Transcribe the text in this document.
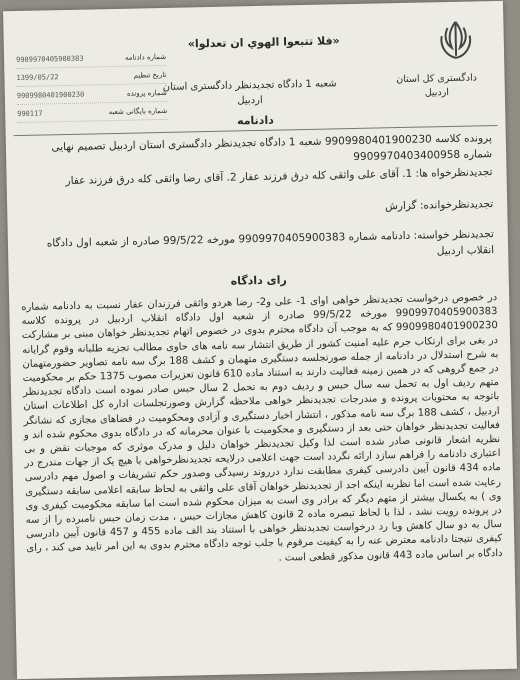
دادگستری کل استان
اردبیل
«فلا تتبعوا الهوي ان تعدلوا»
شعبه 1 دادگاه تجدیدنظر دادگستری استان
اردبیل
دادنامه
شماره دادنامه
9909970405900383
تاریخ تنظیم
1399/05/22
شماره پرونده
9909980401900230
شماره بایگانی شعبه
990117
پرونده کلاسه 9909980401900230 شعبه 1 دادگاه تجدیدنظر دادگستری استان اردبیل تصمیم نهایی شماره 9909970403400958
تجدیدنظرخواه ها: 1. آقای علی واثقی کله درق فرزند عفار 2. آقای رضا واثقی کله درق فرزند عفار
تجدیدنظرخوانده: گزارش
تجدیدنظر خواسته: دادنامه شماره 9909970405900383 مورخه 99/5/22 صادره از شعبه اول دادگاه انقلاب اردبیل
رای دادگاه
در خصوص درخواست تجدیدنظر خواهی اوای 1- علی و2- رضا هردو واثقی فرزندان عفار نسبت به دادنامه شماره 9909970405900383 مورخه 99/5/22 صادره از شعبه اول دادگاه انقلاب اردبیل در پرونده کلاسه 9909980401900230 که به موجب آن دادگاه محترم بدوی در خصوص اتهام تجدیدنظر خواهان مبنی بر مشارکت در بغی برای ارتکاب جرم علیه امنیت کشور از طریق انتشار سه نامه های حاوی مطالب تجزیه طلبانه وقوم گرایانه به شرح استدلال در دادنامه از جمله صورتجلسه دستگیری متهمان و کشف 188 برگ سه نامه تصاویر حضورمتهمان در جمع گروهی که در همین زمینه فعالیت دارند به استناد ماده 610 قانون تعزیرات مصوب 1375 حکم بر محکومیت متهم ردیف اول به تحمل سه سال حبس و ردیف دوم به تحمل 2 سال حبس صادر نموده است دادگاه تجدیدنظر باتوجه به محتویات پرونده و مندرجات تجدیدنظر خواهی ملاحظه گزارش وصورتجلسات اداره کل اطلاعات استان اردبیل ، کشف 188 برگ سه نامه مذکور ، انتشار اخبار دستگیری و آزادی ومحکومیت در فضاهای مجازی که نشانگر فعالیت تجدیدنظر خواهان حتی بعد از دستگیری و محکومیت با عنوان محرمانه که در دادگاه بدوی محکوم شده اند و نظریه اشعار قانونی صادر شده است لذا وکیل تجدیدنظر خواهان دلیل و مدرک موثری که موجبات نقض و بی اعتباری دادنامه را فراهم سازد ارائه نگردد است جهت اعلامی درلایحه تجدیدنظرخواهی با هیچ یک از جهات مندرج در ماده 434 قانون آیین دادرسی کیفری مطابقت ندارد درروند رسیدگی وصدور حکم تشریفات و اصول مهم دادرسی رعایت شده است اما نظربه اینکه اجد از تجدیدنظر خواهان آقای علی واثقی به لحاظ سابقه اعلامی سابقه دستگیری وی ) به یکسال بیشتر از متهم دیگر که برادر وی است به میزان محکوم شده است اما سابقه محکومیت کیفری وی در پرونده رویت نشد ، لذا با لحاظ تبصره ماده 2 قانون کاهش مجازات حبس ، مدت زمان حبس نامبرده را از سه سال به دو سال کاهش وبا رد درخواست تجدیدنظر خواهی با استناد بند الف ماده 455 و 457 قانون آیین دادرسی کیفری نتیجتا دادنامه معترض عنه را به کیفیت مرقوم با جلب توجه دادگاه محترم بدوی به این امر تایید می کند ، رای دادگاه بر اساس ماده 443 قانون مذکور قطعی است .
